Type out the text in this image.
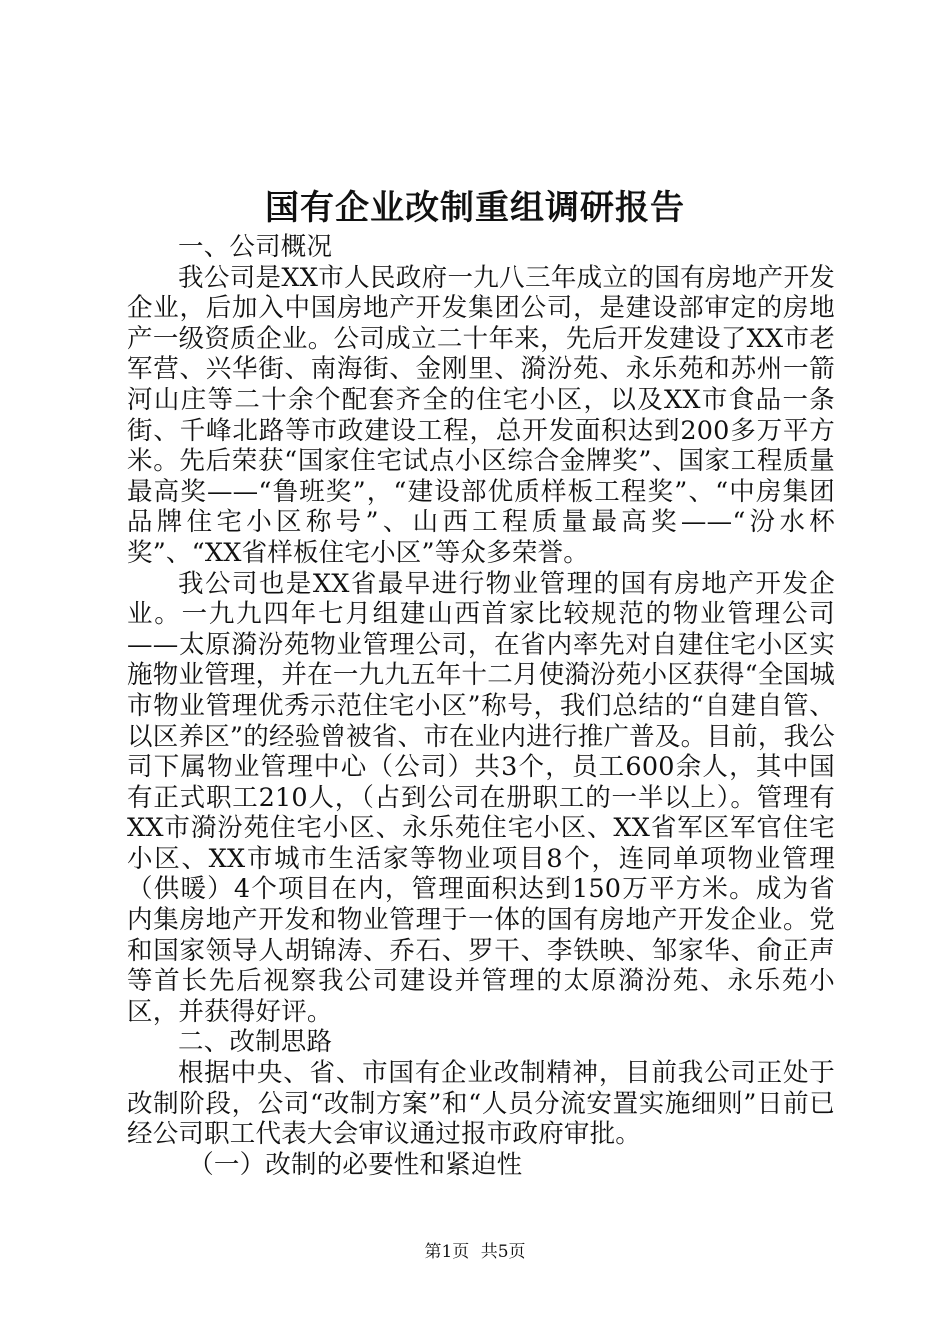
国有企业改制重组调研报告

一、公司概况

我公司是XX市人民政府一九八三年成立的国有房地产开发企业，后加入中国房地产开发集团公司，是建设部审定的房地产一级资质企业。公司成立二十年来，先后开发建设了XX市老军营、兴华街、南海街、金刚里、漪汾苑、永乐苑和苏州一箭河山庄等二十余个配套齐全的住宅小区，以及XX市食品一条街、千峰北路等市政建设工程，总开发面积达到200多万平方米。先后荣获“国家住宅试点小区综合金牌奖”、国家工程质量最高奖——“鲁班奖”，“建设部优质样板工程奖”、“中房集团品牌住宅小区称号”、山西工程质量最高奖——“汾水杯奖”、“XX省样板住宅小区”等众多荣誉。

我公司也是XX省最早进行物业管理的国有房地产开发企业。一九九四年七月组建山西首家比较规范的物业管理公司——太原漪汾苑物业管理公司，在省内率先对自建住宅小区实施物业管理，并在一九九五年十二月使漪汾苑小区获得“全国城市物业管理优秀示范住宅小区”称号，我们总结的“自建自管、以区养区”的经验曾被省、市在业内进行推广普及。目前，我公司下属物业管理中心（公司）共3个，员工600余人，其中国有正式职工210人，（占到公司在册职工的一半以上）。管理有XX市漪汾苑住宅小区、永乐苑住宅小区、XX省军区军官住宅小区、XX市城市生活家等物业项目8个，连同单项物业管理（供暖）4个项目在内，管理面积达到150万平方米。成为省内集房地产开发和物业管理于一体的国有房地产开发企业。党和国家领导人胡锦涛、乔石、罗干、李铁映、邹家华、俞正声等首长先后视察我公司建设并管理的太原漪汾苑、永乐苑小区，并获得好评。

二、改制思路

根据中央、省、市国有企业改制精神，目前我公司正处于改制阶段，公司“改制方案”和“人员分流安置实施细则”日前已经公司职工代表大会审议通过报市政府审批。

（一）改制的必要性和紧迫性

第1页 共5页
